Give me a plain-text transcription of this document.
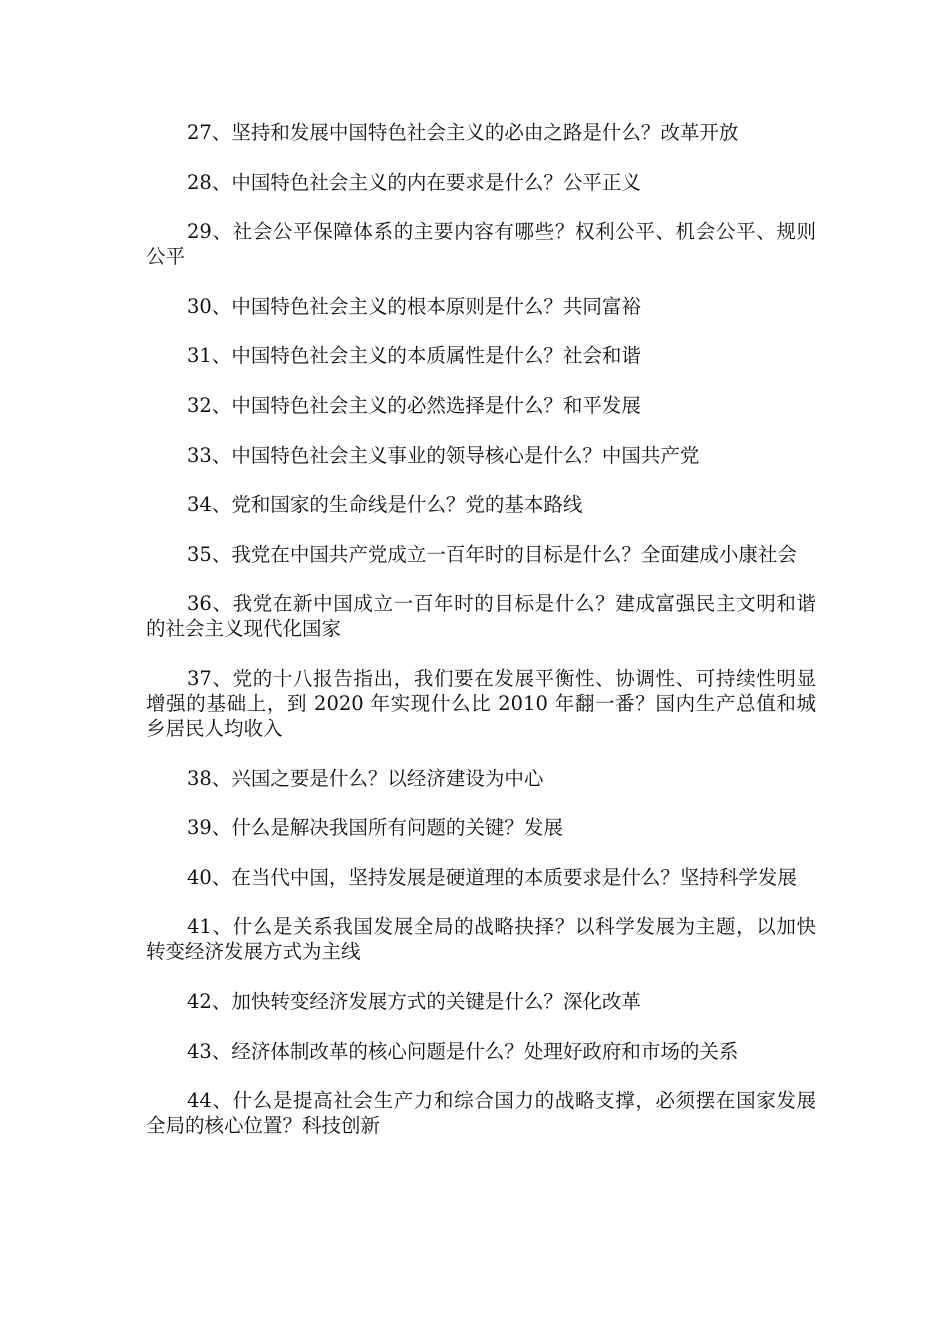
27、坚持和发展中国特色社会主义的必由之路是什么？改革开放

28、中国特色社会主义的内在要求是什么？公平正义

29、社会公平保障体系的主要内容有哪些？权利公平、机会公平、规则公平

30、中国特色社会主义的根本原则是什么？共同富裕

31、中国特色社会主义的本质属性是什么？社会和谐

32、中国特色社会主义的必然选择是什么？和平发展

33、中国特色社会主义事业的领导核心是什么？中国共产党

34、党和国家的生命线是什么？党的基本路线

35、我党在中国共产党成立一百年时的目标是什么？全面建成小康社会

36、我党在新中国成立一百年时的目标是什么？建成富强民主文明和谐的社会主义现代化国家

37、党的十八报告指出，我们要在发展平衡性、协调性、可持续性明显增强的基础上，到 2020 年实现什么比 2010 年翻一番？国内生产总值和城乡居民人均收入

38、兴国之要是什么？以经济建设为中心

39、什么是解决我国所有问题的关键？发展

40、在当代中国，坚持发展是硬道理的本质要求是什么？坚持科学发展

41、什么是关系我国发展全局的战略抉择？以科学发展为主题，以加快转变经济发展方式为主线

42、加快转变经济发展方式的关键是什么？深化改革

43、经济体制改革的核心问题是什么？处理好政府和市场的关系

44、什么是提高社会生产力和综合国力的战略支撑，必须摆在国家发展全局的核心位置？科技创新
